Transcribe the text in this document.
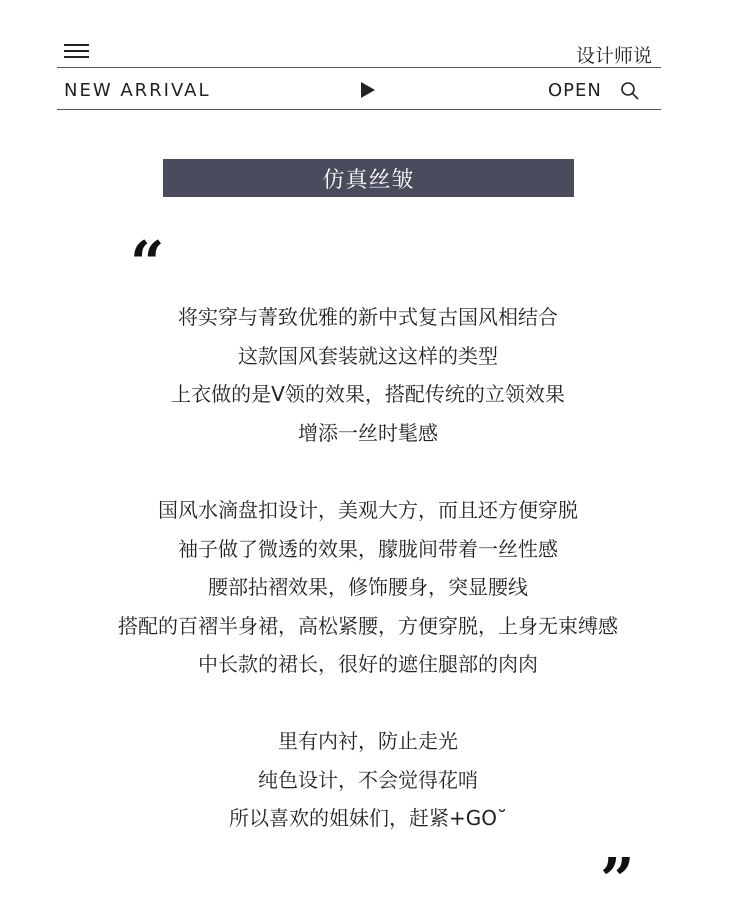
设计师说
NEW ARRIVAL	OPEN
仿真丝皱
“
将实穿与菁致优雅的新中式复古国风相结合
这款国风套装就这这样的类型
上衣做的是V领的效果，搭配传统的立领效果
增添一丝时髦感
国风水滴盘扣设计，美观大方，而且还方便穿脱
袖子做了微透的效果，朦胧间带着一丝性感
腰部拈褶效果，修饰腰身，突显腰线
搭配的百褶半身裙，高松紧腰，方便穿脱，上身无束缚感
中长款的裙长，很好的遮住腿部的肉肉
里有内衬，防止走光
纯色设计，不会觉得花哨
所以喜欢的姐妹们，赶紧+GO˘
”
